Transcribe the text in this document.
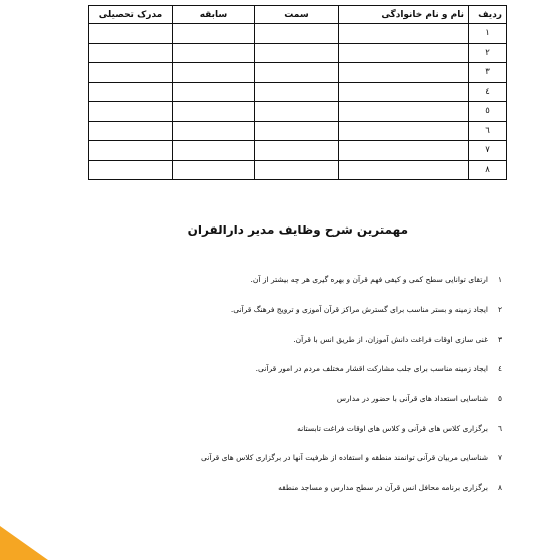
ردیف	نام و نام خانوادگی	سمت	سابقه	مدرک تحصیلی
۱				
۲				
۳				
٤				
٥				
٦				
٧				
٨				
مهمترین شرح وظایف مدیر دارالقران
۱
ارتقای توانایی سطح کمی و کیفی فهم قرآن و بهره گیری هر چه بیشتر از آن.
۲
ایجاد زمینه و بستر مناسب برای گسترش مراکز قرآن آموزی و ترویج فرهنگ قرآنی.
۳
غنی سازی اوقات فراغت دانش آموزان، از طریق انس با قرآن.
٤
ایجاد زمینه مناسب برای جلب مشارکت اقشار مختلف مردم در امور قرآنی.
٥
شناسایی استعداد های قرآنی با حضور در مدارس
٦
برگزاری کلاس های قرآنی و کلاس های اوقات فراغت تابستانه
٧
شناسایی مربیان قرآنی توانمند منطقه و استفاده از ظرفیت آنها در برگزاری کلاس های قرآنی
٨
برگزاری برنامه محافل انس قرآن در سطح مدارس و مساجد منطقه
